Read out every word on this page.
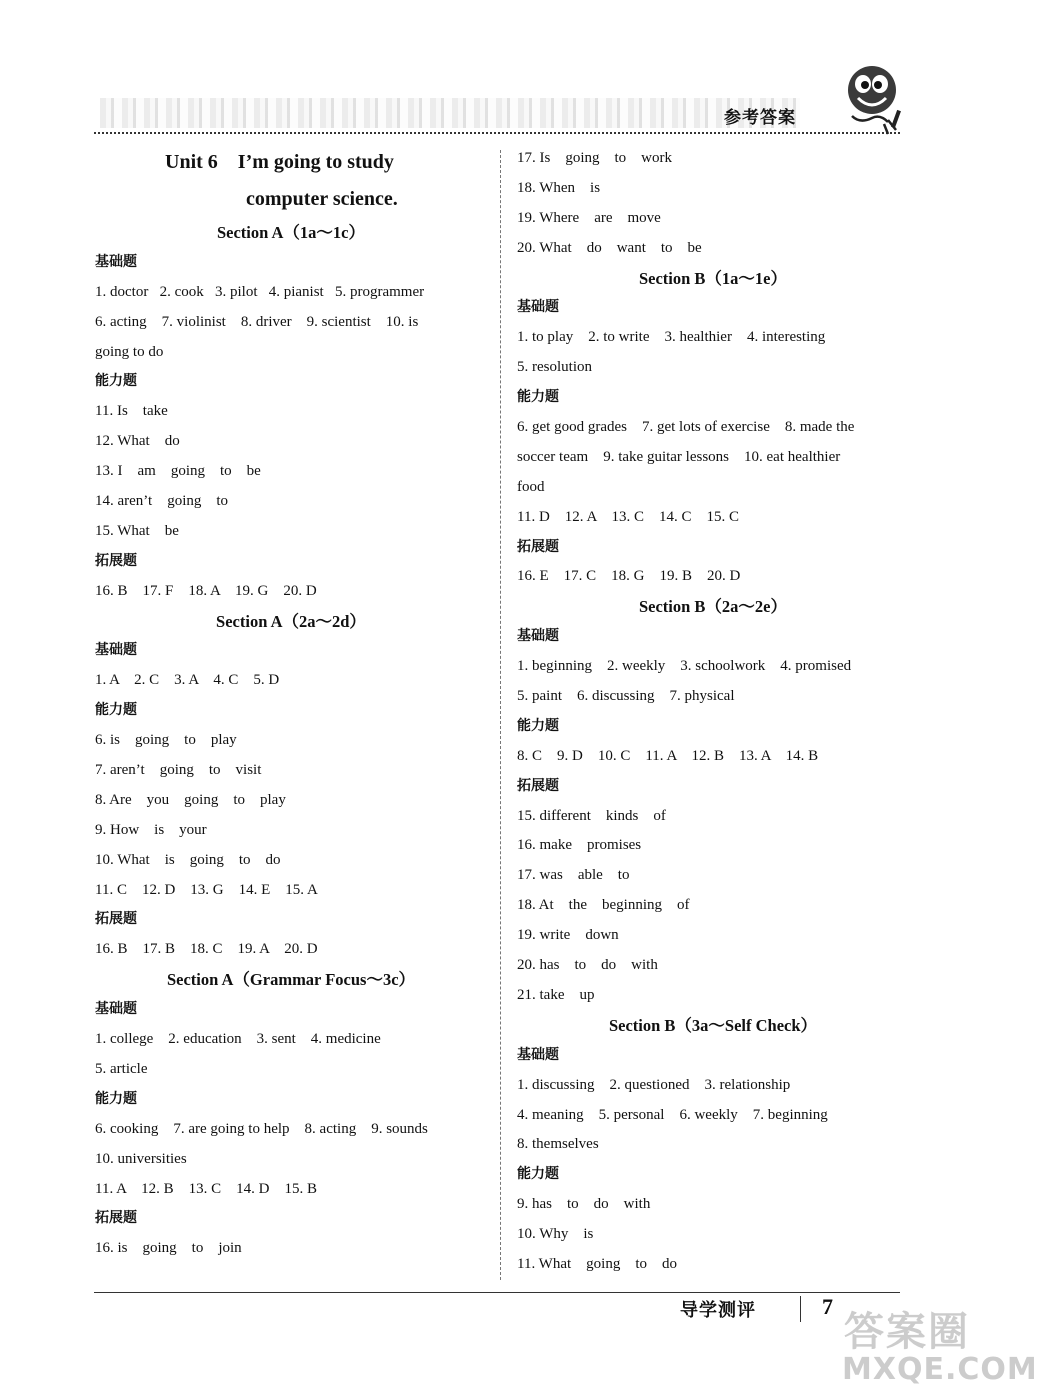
参考答案
Unit 6    I’m going to study
computer science.
Section A（1a～1c）
基础题
1. doctor   2. cook   3. pilot   4. pianist   5. programmer
6. acting    7. violinist    8. driver    9. scientist    10. is
going to do
能力题
11. Is    take
12. What    do
13. I    am    going    to    be
14. aren’t    going    to
15. What    be
拓展题
16. B    17. F    18. A    19. G    20. D
Section A（2a～2d）
基础题
1. A    2. C    3. A    4. C    5. D
能力题
6. is    going    to    play
7. aren’t    going    to    visit
8. Are    you    going    to    play
9. How    is    your
10. What    is    going    to    do
11. C    12. D    13. G    14. E    15. A
拓展题
16. B    17. B    18. C    19. A    20. D
Section A（Grammar Focus～3c）
基础题
1. college    2. education    3. sent    4. medicine
5. article
能力题
6. cooking    7. are going to help    8. acting    9. sounds
10. universities
11. A    12. B    13. C    14. D    15. B
拓展题
16. is    going    to    join
17. Is    going    to    work
18. When    is
19. Where    are    move
20. What    do    want    to    be
Section B（1a～1e）
基础题
1. to play    2. to write    3. healthier    4. interesting
5. resolution
能力题
6. get good grades    7. get lots of exercise    8. made the
soccer team    9. take guitar lessons    10. eat healthier
food
11. D    12. A    13. C    14. C    15. C
拓展题
16. E    17. C    18. G    19. B    20. D
Section B（2a～2e）
基础题
1. beginning    2. weekly    3. schoolwork    4. promised
5. paint    6. discussing    7. physical
能力题
8. C    9. D    10. C    11. A    12. B    13. A    14. B
拓展题
15. different    kinds    of
16. make    promises
17. was    able    to
18. At    the    beginning    of
19. write    down
20. has    to    do    with
21. take    up
Section B（3a～Self Check）
基础题
1. discussing    2. questioned    3. relationship
4. meaning    5. personal    6. weekly    7. beginning
8. themselves
能力题
9. has    to    do    with
10. Why    is
11. What    going    to    do
导学测评	7
答案圈
MXQE.COM
